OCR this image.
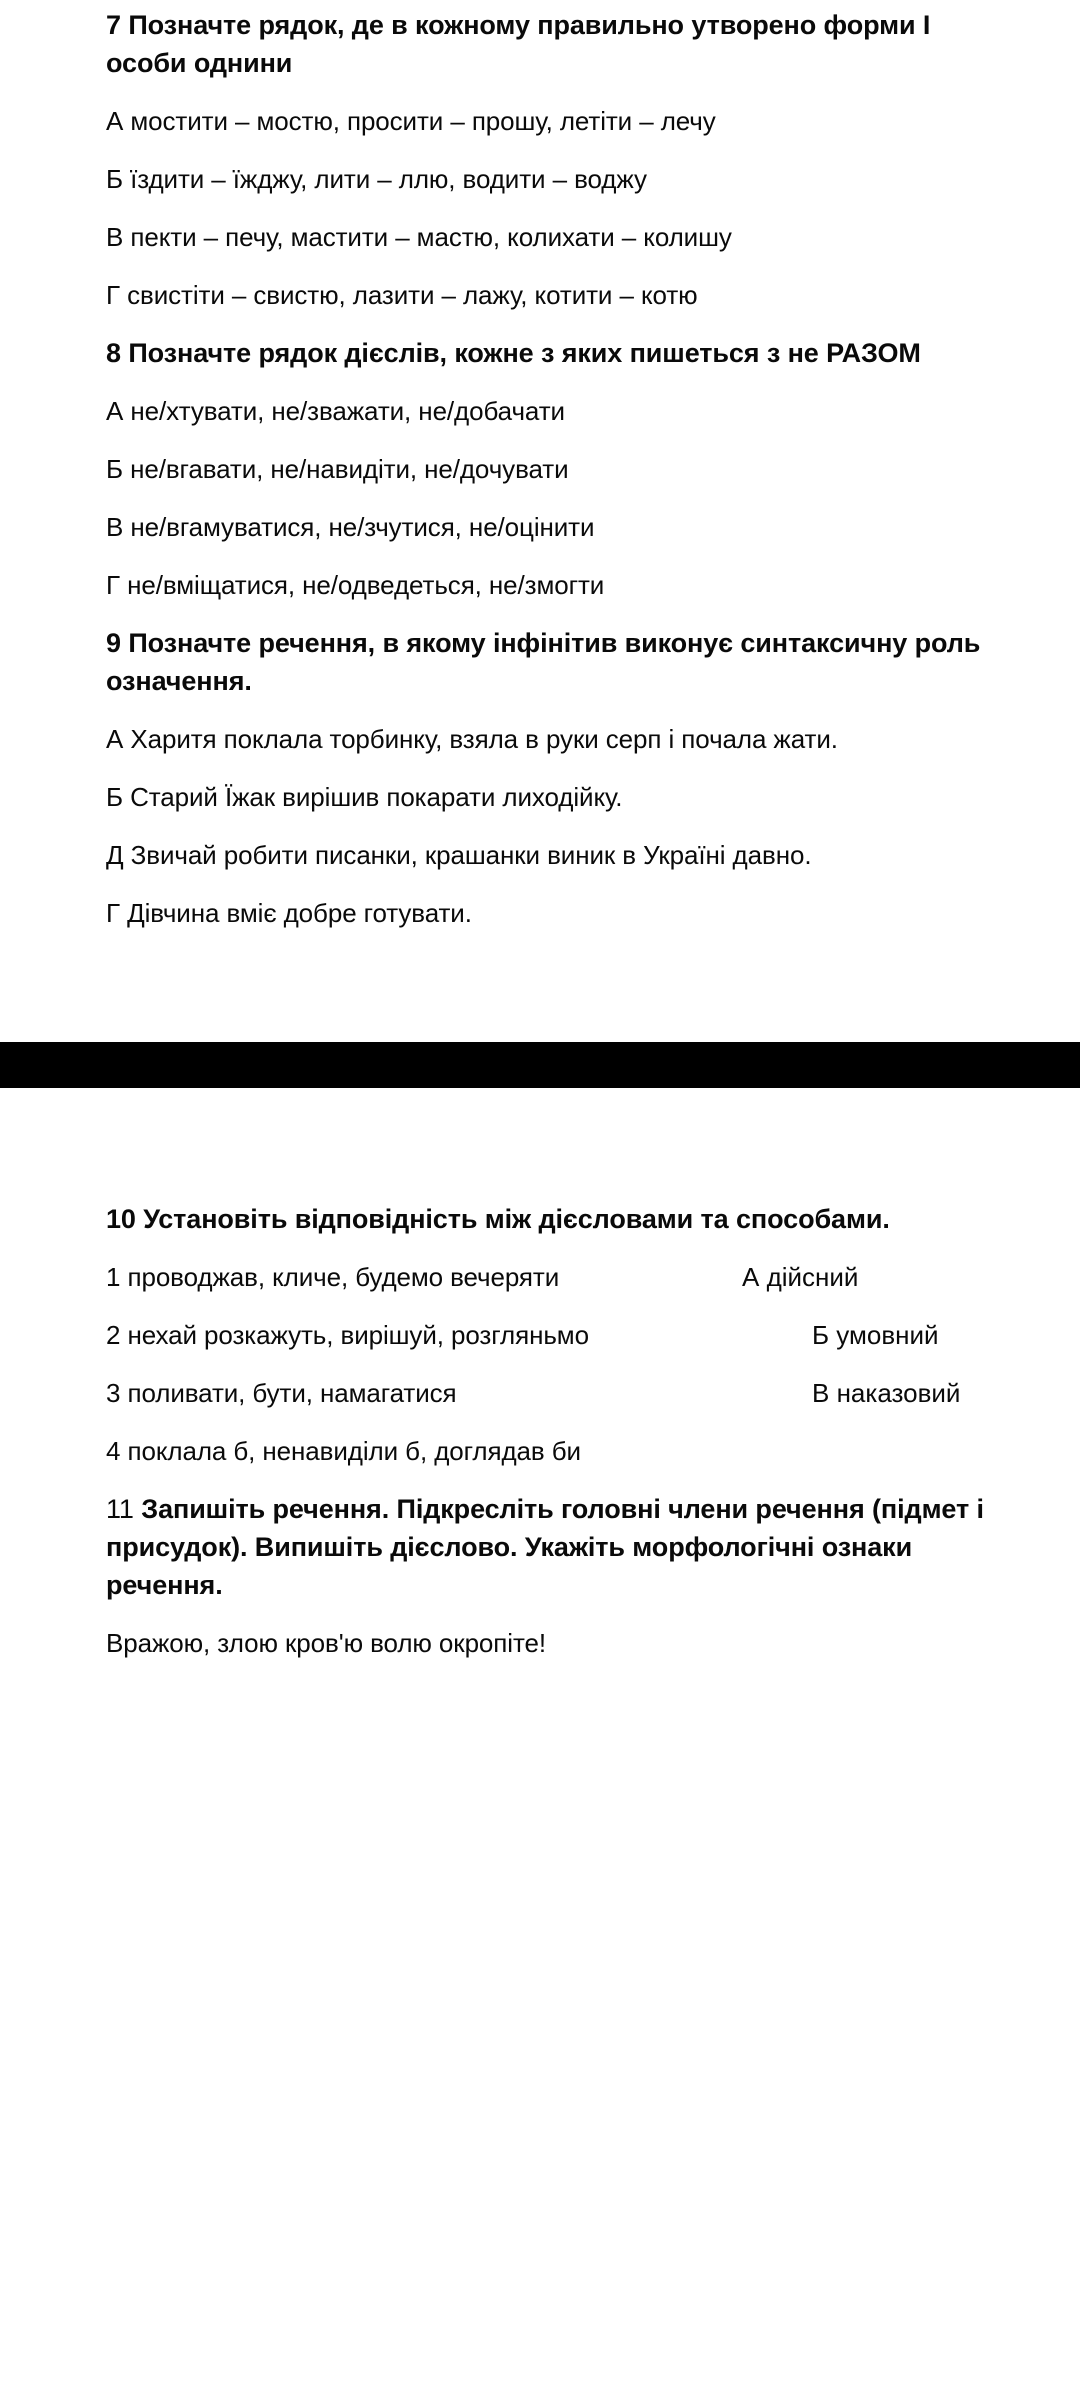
7 Позначте рядок, де в кожному правильно утворено форми І
особи однини
А мостити – мостю, просити – прошу, летіти – лечу
Б їздити – їжджу, лити – ллю, водити – воджу
В пекти – печу, мастити – мастю, колихати – колишу
Г свистіти – свистю, лазити – лажу, котити – котю
8 Позначте рядок дієслів, кожне з яких пишеться з не РАЗОМ
А не/хтувати, не/зважати, не/добачати
Б не/вгавати, не/навидіти, не/дочувати
В не/вгамуватися, не/зчутися, не/оцінити
Г не/вміщатися, не/одведеться, не/змогти
9 Позначте речення, в якому інфінітив виконує синтаксичну роль
означення.
А Харитя поклала торбинку, взяла в руки серп і почала жати.
Б Старий Їжак вирішив покарати лиходійку.
Д Звичай робити писанки, крашанки виник в Україні давно.
Г Дівчина вміє добре готувати.
10 Установіть відповідність між дієсловами та способами.
1 проводжав, кличе, будемо вечеряти	А дійсний
2 нехай розкажуть, вирішуй, розгляньмо	Б умовний
3 поливати, бути, намагатися	В наказовий
4 поклала б, ненавиділи б, доглядав би
11 Запишіть речення. Підкресліть головні члени речення (підмет і
присудок). Випишіть дієслово. Укажіть морфологічні ознаки
речення.
Вражою, злою кров'ю волю окропіте!
